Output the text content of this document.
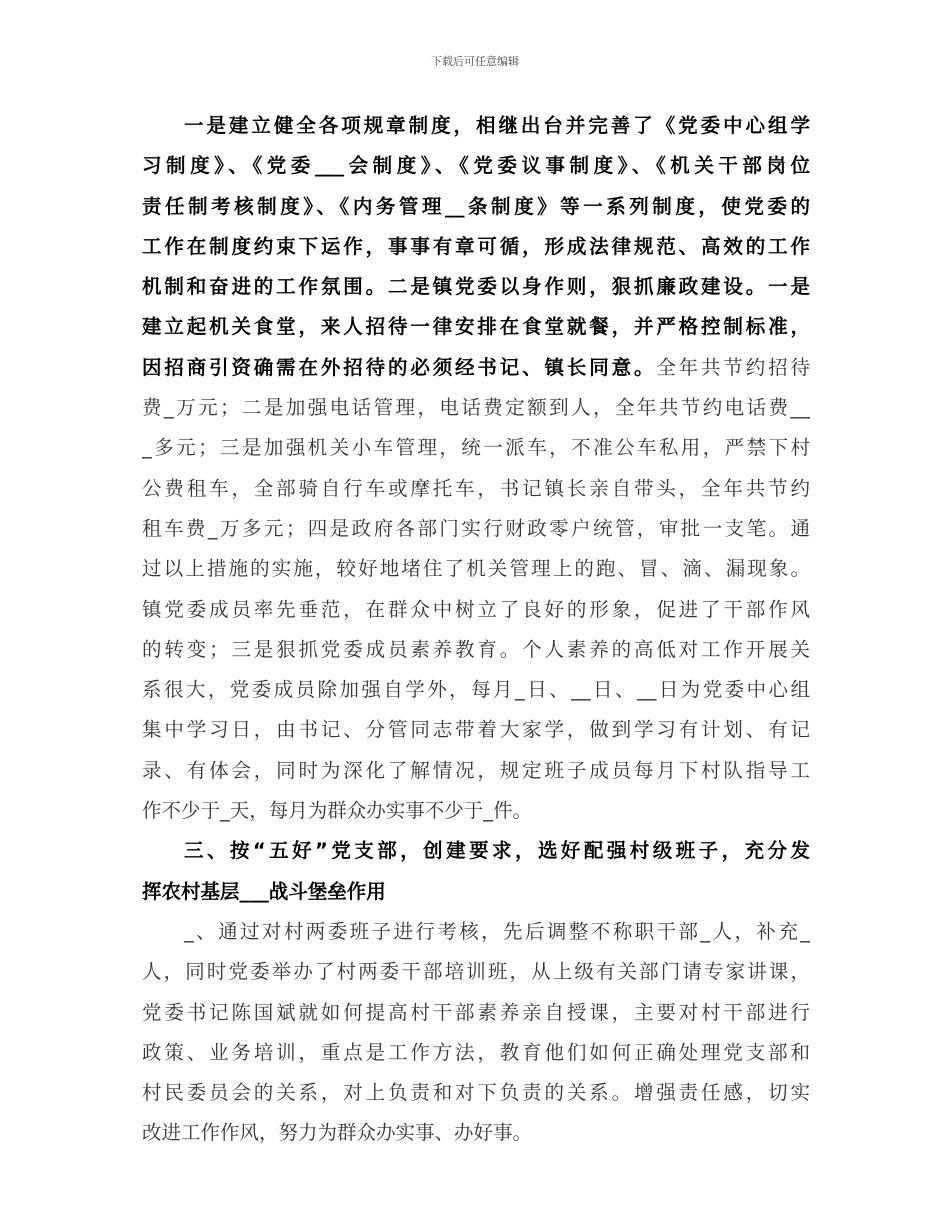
下载后可任意编辑
一是建立健全各项规章制度，相继出台并完善了《党委中心组学
习制度》、《党委___会制度》、《党委议事制度》、《机关干部岗位
责任制考核制度》、《内务管理__条制度》等一系列制度，使党委的
工作在制度约束下运作，事事有章可循，形成法律规范、高效的工作
机制和奋进的工作氛围。二是镇党委以身作则，狠抓廉政建设。一是
建立起机关食堂，来人招待一律安排在食堂就餐，并严格控制标准，
因招商引资确需在外招待的必须经书记、镇长同意。全年共节约招待
费_万元；二是加强电话管理，电话费定额到人，全年共节约电话费__
_多元；三是加强机关小车管理，统一派车，不准公车私用，严禁下村
公费租车，全部骑自行车或摩托车，书记镇长亲自带头，全年共节约
租车费_万多元；四是政府各部门实行财政零户统管，审批一支笔。通
过以上措施的实施，较好地堵住了机关管理上的跑、冒、滴、漏现象。
镇党委成员率先垂范，在群众中树立了良好的形象，促进了干部作风
的转变；三是狠抓党委成员素养教育。个人素养的高低对工作开展关
系很大，党委成员除加强自学外，每月_日、__日、__日为党委中心组
集中学习日，由书记、分管同志带着大家学，做到学习有计划、有记
录、有体会，同时为深化了解情况，规定班子成员每月下村队指导工
作不少于_天，每月为群众办实事不少于_件。
三、按“五好”党支部，创建要求，选好配强村级班子，充分发
挥农村基层___战斗堡垒作用
_、通过对村两委班子进行考核，先后调整不称职干部_人，补充_
人，同时党委举办了村两委干部培训班，从上级有关部门请专家讲课，
党委书记陈国斌就如何提高村干部素养亲自授课，主要对村干部进行
政策、业务培训，重点是工作方法，教育他们如何正确处理党支部和
村民委员会的关系，对上负责和对下负责的关系。增强责任感，切实
改进工作作风，努力为群众办实事、办好事。
